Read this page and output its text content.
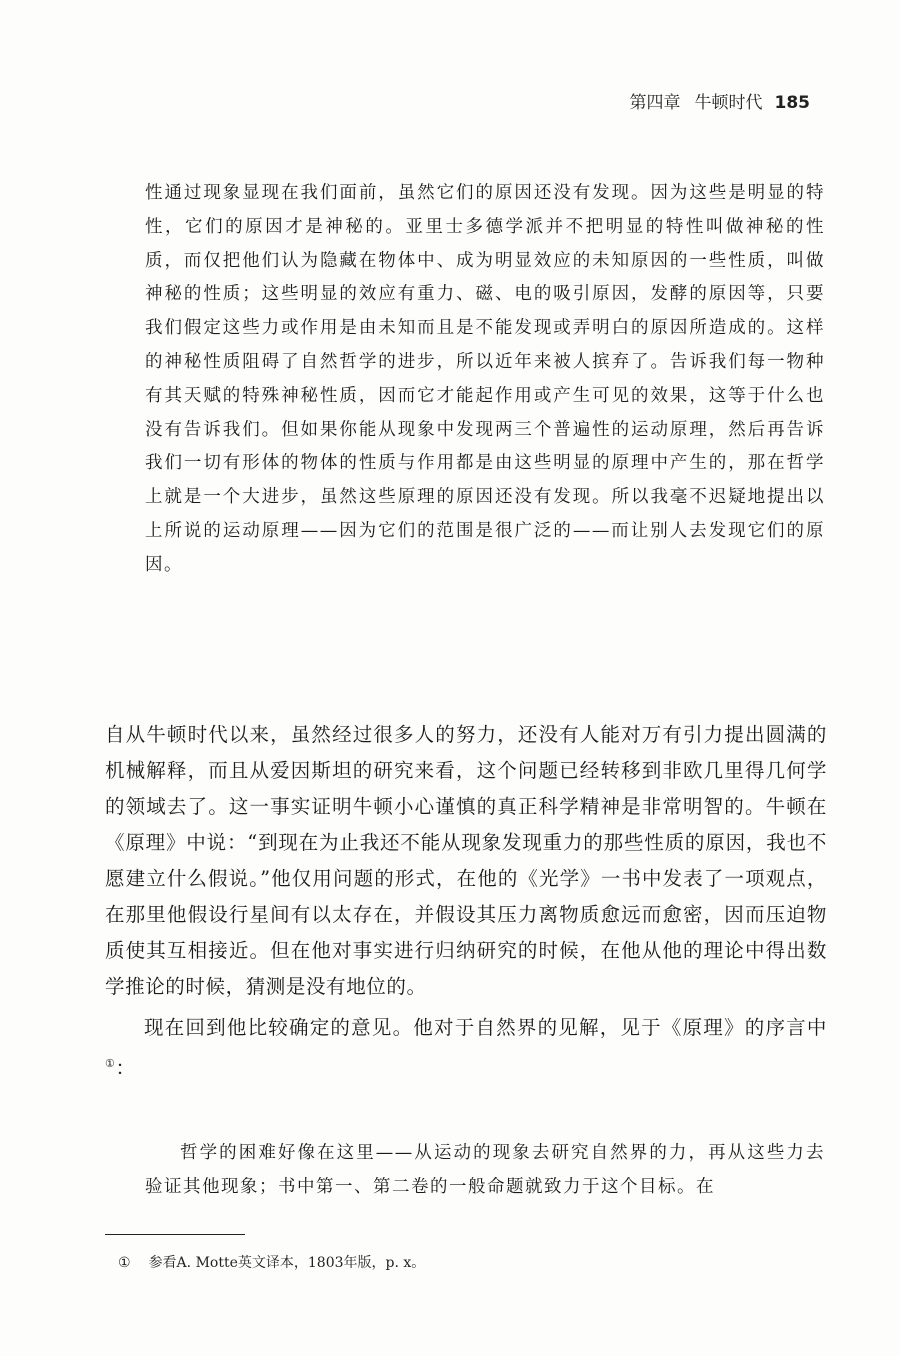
第四章 牛顿时代 185

性通过现象显现在我们面前，虽然它们的原因还没有发现。因为这些是明显的特性，它们的原因才是神秘的。亚里士多德学派并不把明显的特性叫做神秘的性质，而仅把他们认为隐藏在物体中、成为明显效应的未知原因的一些性质，叫做神秘的性质；这些明显的效应有重力、磁、电的吸引原因，发酵的原因等，只要我们假定这些力或作用是由未知而且是不能发现或弄明白的原因所造成的。这样的神秘性质阻碍了自然哲学的进步，所以近年来被人摈弃了。告诉我们每一物种有其天赋的特殊神秘性质，因而它才能起作用或产生可见的效果，这等于什么也没有告诉我们。但如果你能从现象中发现两三个普遍性的运动原理，然后再告诉我们一切有形体的物体的性质与作用都是由这些明显的原理中产生的，那在哲学上就是一个大进步，虽然这些原理的原因还没有发现。所以我毫不迟疑地提出以上所说的运动原理——因为它们的范围是很广泛的——而让别人去发现它们的原因。

自从牛顿时代以来，虽然经过很多人的努力，还没有人能对万有引力提出圆满的机械解释，而且从爱因斯坦的研究来看，这个问题已经转移到非欧几里得几何学的领域去了。这一事实证明牛顿小心谨慎的真正科学精神是非常明智的。牛顿在《原理》中说：“到现在为止我还不能从现象发现重力的那些性质的原因，我也不愿建立什么假说。”他仅用问题的形式，在他的《光学》一书中发表了一项观点，在那里他假设行星间有以太存在，并假设其压力离物质愈远而愈密，因而压迫物质使其互相接近。但在他对事实进行归纳研究的时候，在他从他的理论中得出数学推论的时候，猜测是没有地位的。

现在回到他比较确定的意见。他对于自然界的见解，见于《原理》的序言中①：

哲学的困难好像在这里——从运动的现象去研究自然界的力，再从这些力去验证其他现象；书中第一、第二卷的一般命题就致力于这个目标。在

① 参看A. Motte英文译本，1803年版，p. x。
